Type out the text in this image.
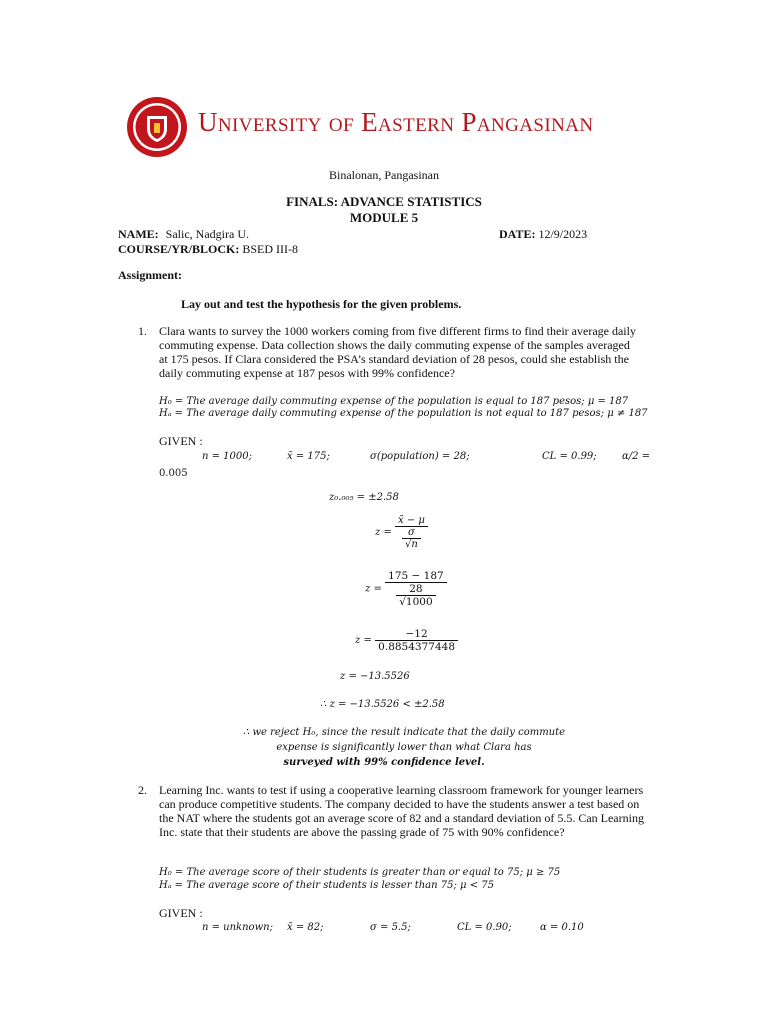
University of Eastern Pangasinan
Binalonan, Pangasinan
FINALS: ADVANCE STATISTICS
MODULE 5
NAME: Salic, Nadgira U.	DATE: 12/9/2023
COURSE/YR/BLOCK: BSED III-8
Assignment:
Lay out and test the hypothesis for the given problems.
1. Clara wants to survey the 1000 workers coming from five different firms to find their average daily commuting expense. Data collection shows the daily commuting expense of the samples averaged at 175 pesos. If Clara considered the PSA’s standard deviation of 28 pesos, could she establish the daily commuting expense at 187 pesos with 99% confidence?
H₀ = The average daily commuting expense of the population is equal to 187 pesos; μ = 187
Hₐ = The average daily commuting expense of the population is not equal to 187 pesos; μ ≠ 187
GIVEN :
n = 1000;	x̄ = 175;	σ(population) = 28;	CL = 0.99;	α/2 =
0.005
z₀.₀₀₅ = ±2.58
$z = \frac{x̄ - \mu}{\frac{\sigma}{√n}}$
$z = \frac{175 - 187}{\frac{28}{√1000}}$
$z = \frac{-12}{0.8854377448}$
z = −13.5526
∴ z = −13.5526 < ±2.58
∴ we reject H₀, since the result indicate that the daily commute
expense is significantly lower than what Clara has
surveyed with 99% confidence level.
2. Learning Inc. wants to test if using a cooperative learning classroom framework for younger learners can produce competitive students. The company decided to have the students answer a test based on the NAT where the students got an average score of 82 and a standard deviation of 5.5. Can Learning Inc. state that their students are above the passing grade of 75 with 90% confidence?
H₀ = The average score of their students is greater than or equal to 75; μ ≥ 75
Hₐ = The average score of their students is lesser than 75; μ < 75
GIVEN :
n = unknown; x̄ = 82;	σ = 5.5;	CL = 0.90;	α = 0.10
